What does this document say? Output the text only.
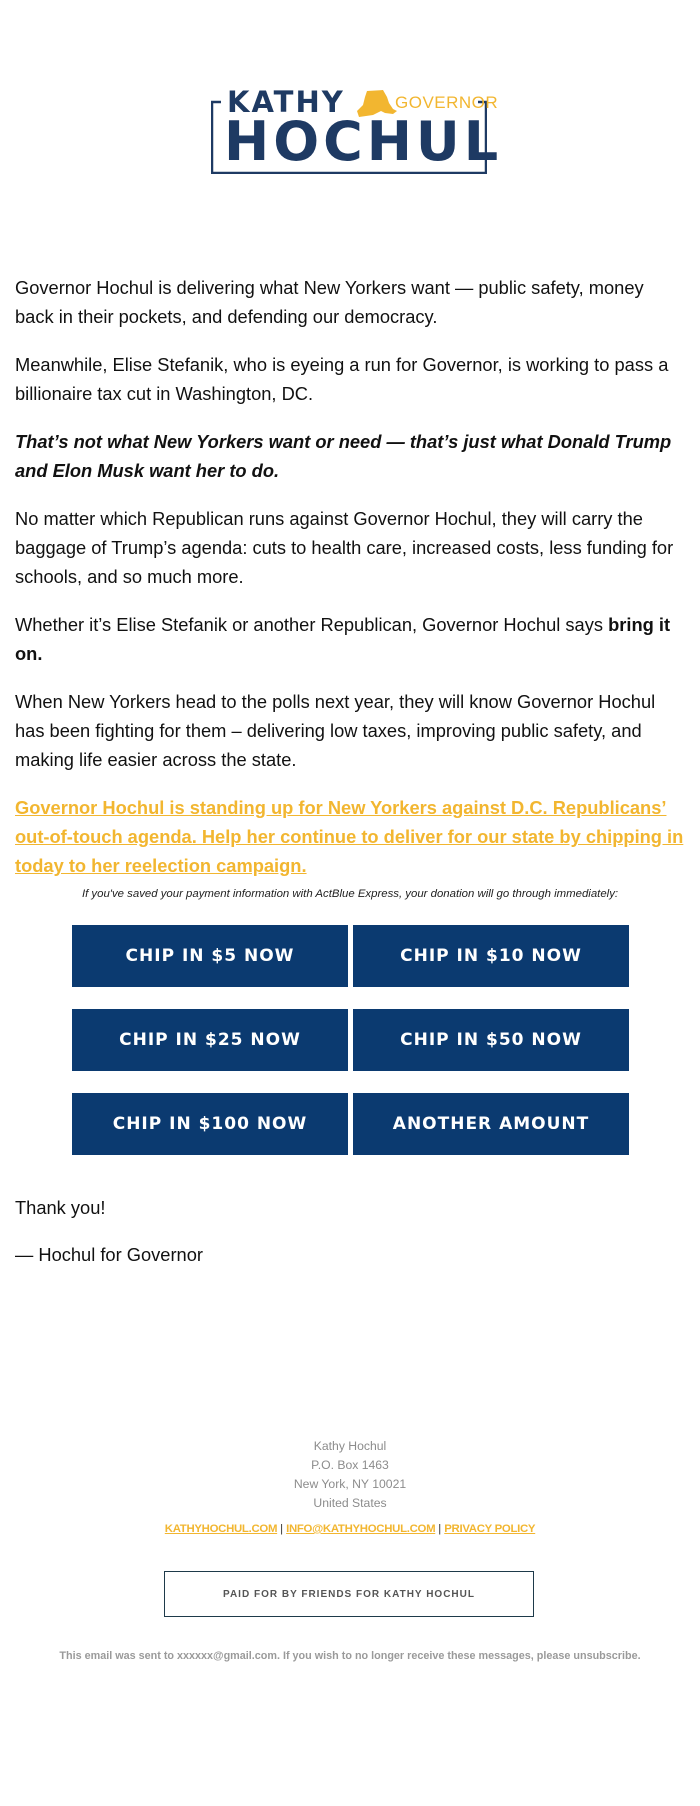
KATHY	GOVERNOR
HOCHUL

Governor Hochul is delivering what New Yorkers want — public safety, money back in their pockets, and defending our democracy.

Meanwhile, Elise Stefanik, who is eyeing a run for Governor, is working to pass a billionaire tax cut in Washington, DC.

That’s not what New Yorkers want or need — that’s just what Donald Trump and Elon Musk want her to do.

No matter which Republican runs against Governor Hochul, they will carry the baggage of Trump’s agenda: cuts to health care, increased costs, less funding for schools, and so much more.

Whether it’s Elise Stefanik or another Republican, Governor Hochul says bring it on.

When New Yorkers head to the polls next year, they will know Governor Hochul has been fighting for them – delivering low taxes, improving public safety, and making life easier across the state.

Governor Hochul is standing up for New Yorkers against D.C. Republicans’ out-of-touch agenda. Help her continue to deliver for our state by chipping in today to her reelection campaign.
If you've saved your payment information with ActBlue Express, your donation will go through immediately:
CHIP IN $5 NOW	CHIP IN $10 NOW
CHIP IN $25 NOW	CHIP IN $50 NOW
CHIP IN $100 NOW	ANOTHER AMOUNT

Thank you!

— Hochul for Governor

Kathy Hochul
P.O. Box 1463
New York, NY 10021
United States
KATHYHOCHUL.COM | INFO@KATHYHOCHUL.COM | PRIVACY POLICY
PAID FOR BY FRIENDS FOR KATHY HOCHUL
This email was sent to xxxxxx@gmail.com. If you wish to no longer receive these messages, please unsubscribe.
